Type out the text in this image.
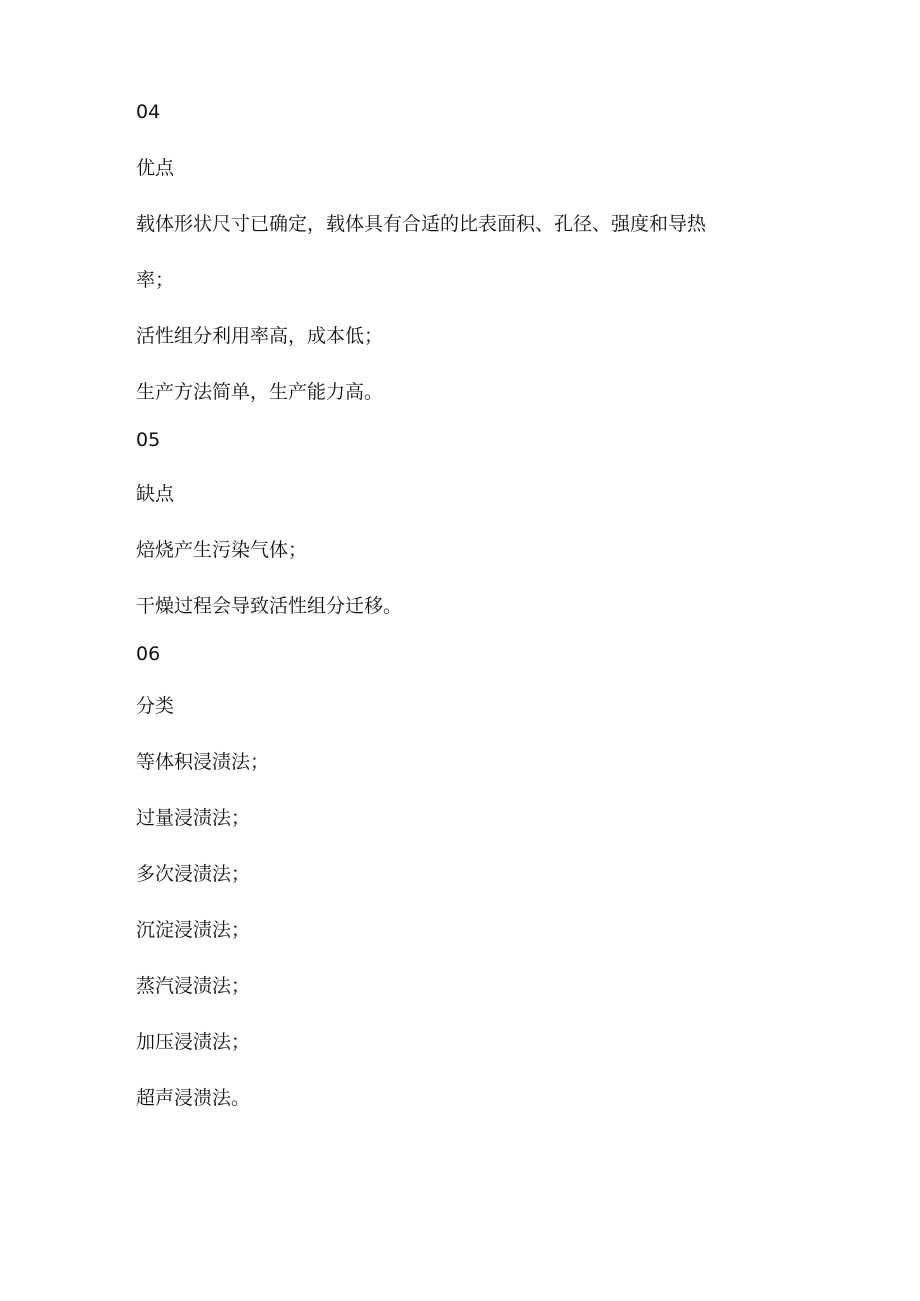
04

优点

载体形状尺寸已确定，载体具有合适的比表面积、孔径、强度和导热

率；

活性组分利用率高，成本低；

生产方法简单，生产能力高。

05

缺点

焙烧产生污染气体；

干燥过程会导致活性组分迁移。

06

分类

等体积浸渍法；

过量浸渍法；

多次浸渍法；

沉淀浸渍法；

蒸汽浸渍法；

加压浸渍法；

超声浸溃法。
